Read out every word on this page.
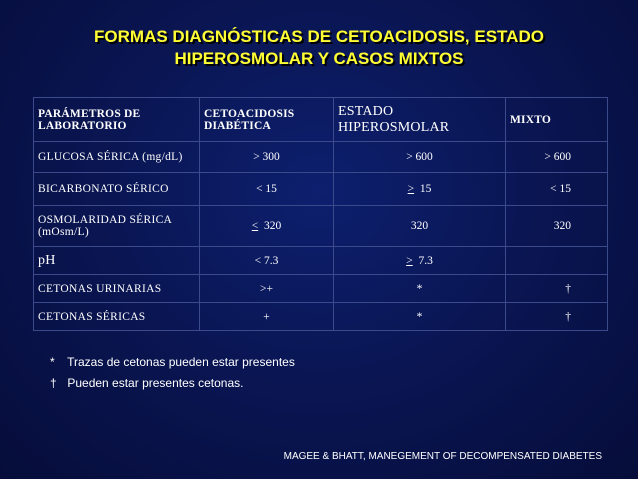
FORMAS DIAGNÓSTICAS DE CETOACIDOSIS, ESTADO
HIPEROSMOLAR Y CASOS MIXTOS
PARÁMETROS DE LABORATORIO	CETOACIDOSIS DIABÉTICA	ESTADO HIPEROSMOLAR	MIXTO
GLUCOSA SÉRICA (mg/dL)	> 300	> 600	> 600
BICARBONATO SÉRICO	< 15	> 15	< 15
OSMOLARIDAD SÉRICA (mOsm/L)	< 320	320	320
pH	< 7.3	> 7.3	
CETONAS URINARIAS	>+	*	†
CETONAS SÉRICAS	+	*	†
* Trazas de cetonas pueden estar presentes
† Pueden estar presentes cetonas.
MAGEE & BHATT, MANEGEMENT OF DECOMPENSATED DIABETES
